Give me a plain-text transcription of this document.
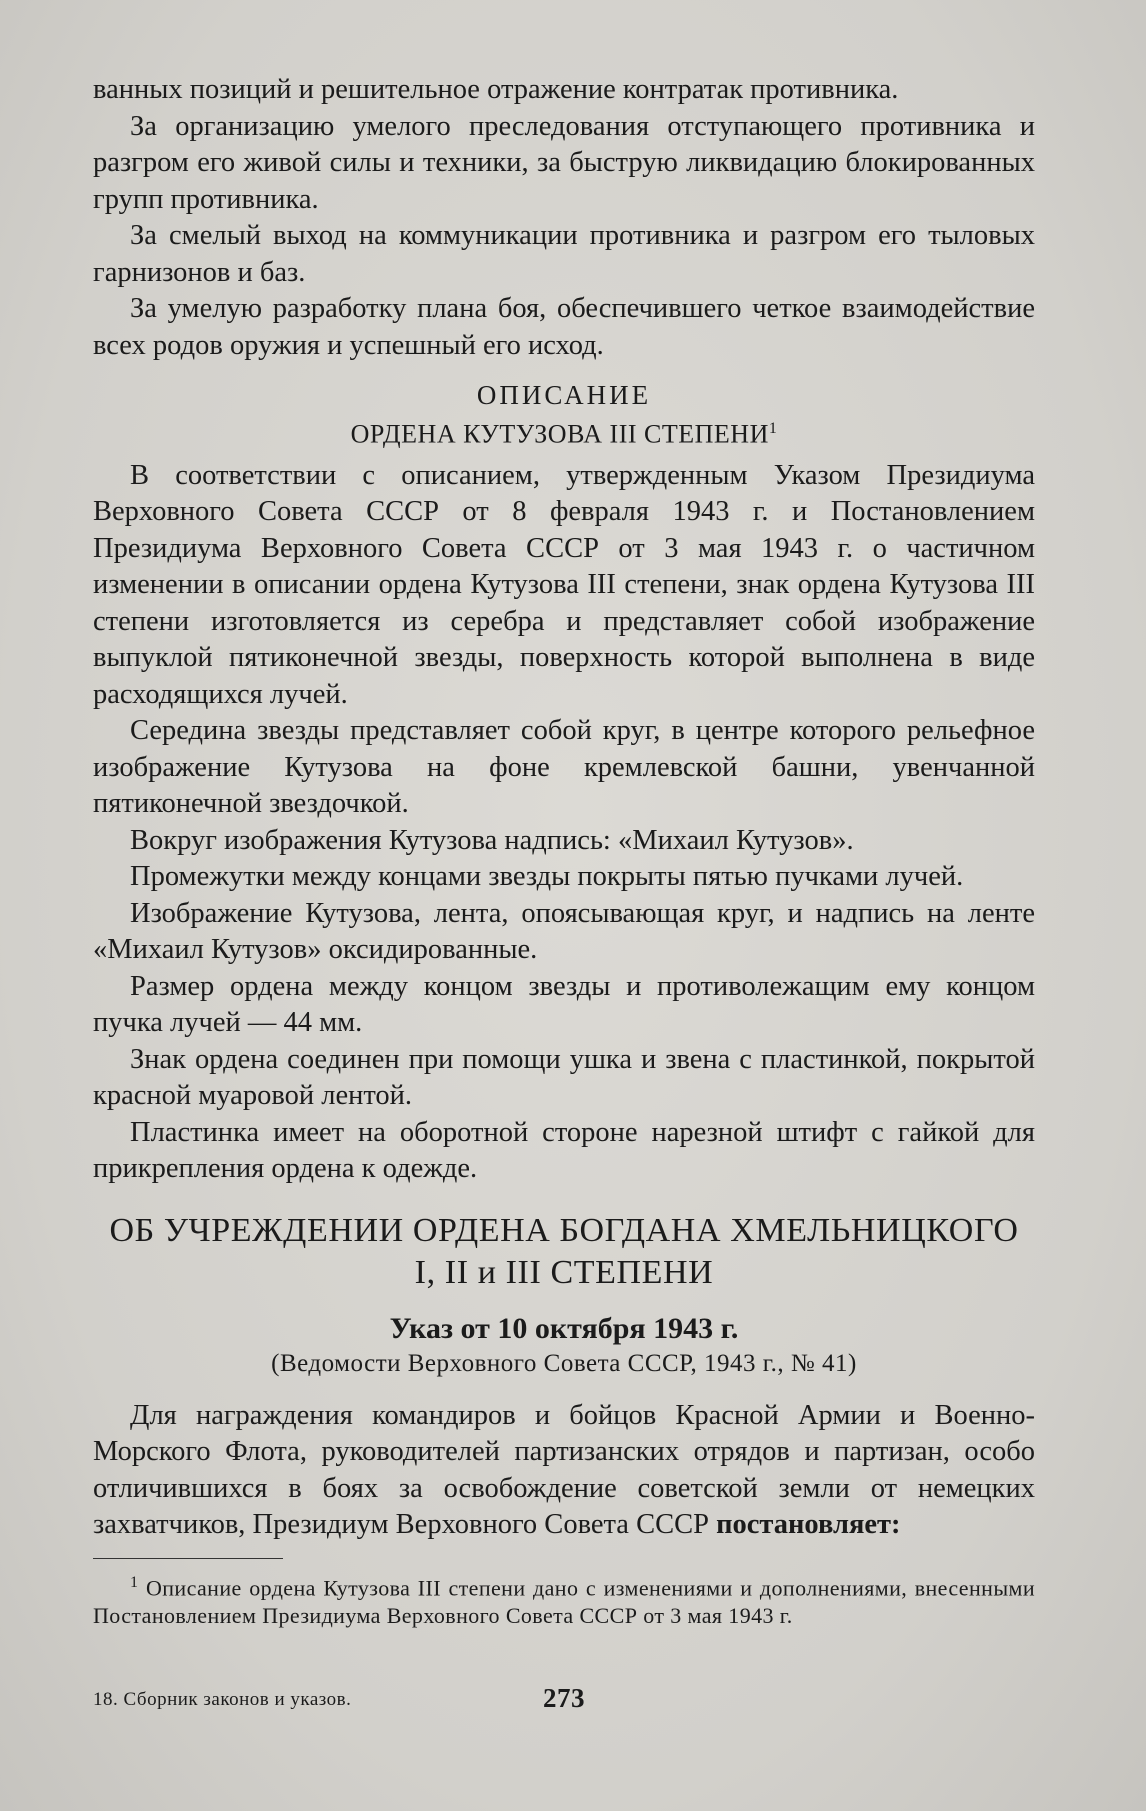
ванных позиций и решительное отражение контратак противника.

За организацию умелого преследования отступающего противника и разгром его живой силы и техники, за быструю ликвидацию блокированных групп противника.

За смелый выход на коммуникации противника и разгром его тыловых гарнизонов и баз.

За умелую разработку плана боя, обеспечившего четкое взаимодействие всех родов оружия и успешный его исход.

ОПИСАНИЕ
ОРДЕНА КУТУЗОВА III СТЕПЕНИ$^1$

В соответствии с описанием, утвержденным Указом Президиума Верховного Совета СССР от 8 февраля 1943 г. и Постановлением Президиума Верховного Совета СССР от 3 мая 1943 г. о частичном изменении в описании ордена Кутузова III степени, знак ордена Кутузова III степени изготовляется из серебра и представляет собой изображение выпуклой пятиконечной звезды, поверхность которой выполнена в виде расходящихся лучей.

Середина звезды представляет собой круг, в центре которого рельефное изображение Кутузова на фоне кремлевской башни, увенчанной пятиконечной звездочкой.

Вокруг изображения Кутузова надпись: «Михаил Кутузов».

Промежутки между концами звезды покрыты пятью пучками лучей.

Изображение Кутузова, лента, опоясывающая круг, и надпись на ленте «Михаил Кутузов» оксидированные.

Размер ордена между концом звезды и противолежащим ему концом пучка лучей — 44 мм.

Знак ордена соединен при помощи ушка и звена с пластинкой, покрытой красной муаровой лентой.

Пластинка имеет на оборотной стороне нарезной штифт с гайкой для прикрепления ордена к одежде.

ОБ УЧРЕЖДЕНИИ ОРДЕНА БОГДАНА ХМЕЛЬНИЦКОГО
I, II и III СТЕПЕНИ
Указ от 10 октября 1943 г.
(Ведомости Верховного Совета СССР, 1943 г., № 41)

Для награждения командиров и бойцов Красной Армии и Военно-Морского Флота, руководителей партизанских отрядов и партизан, особо отличившихся в боях за освобождение советской земли от немецких захватчиков, Президиум Верховного Совета СССР постановляет:

$^1$ Описание ордена Кутузова III степени дано с изменениями и дополнениями, внесенными Постановлением Президиума Верховного Совета СССР от 3 мая 1943 г.

18. Сборник законов и указов.	273
